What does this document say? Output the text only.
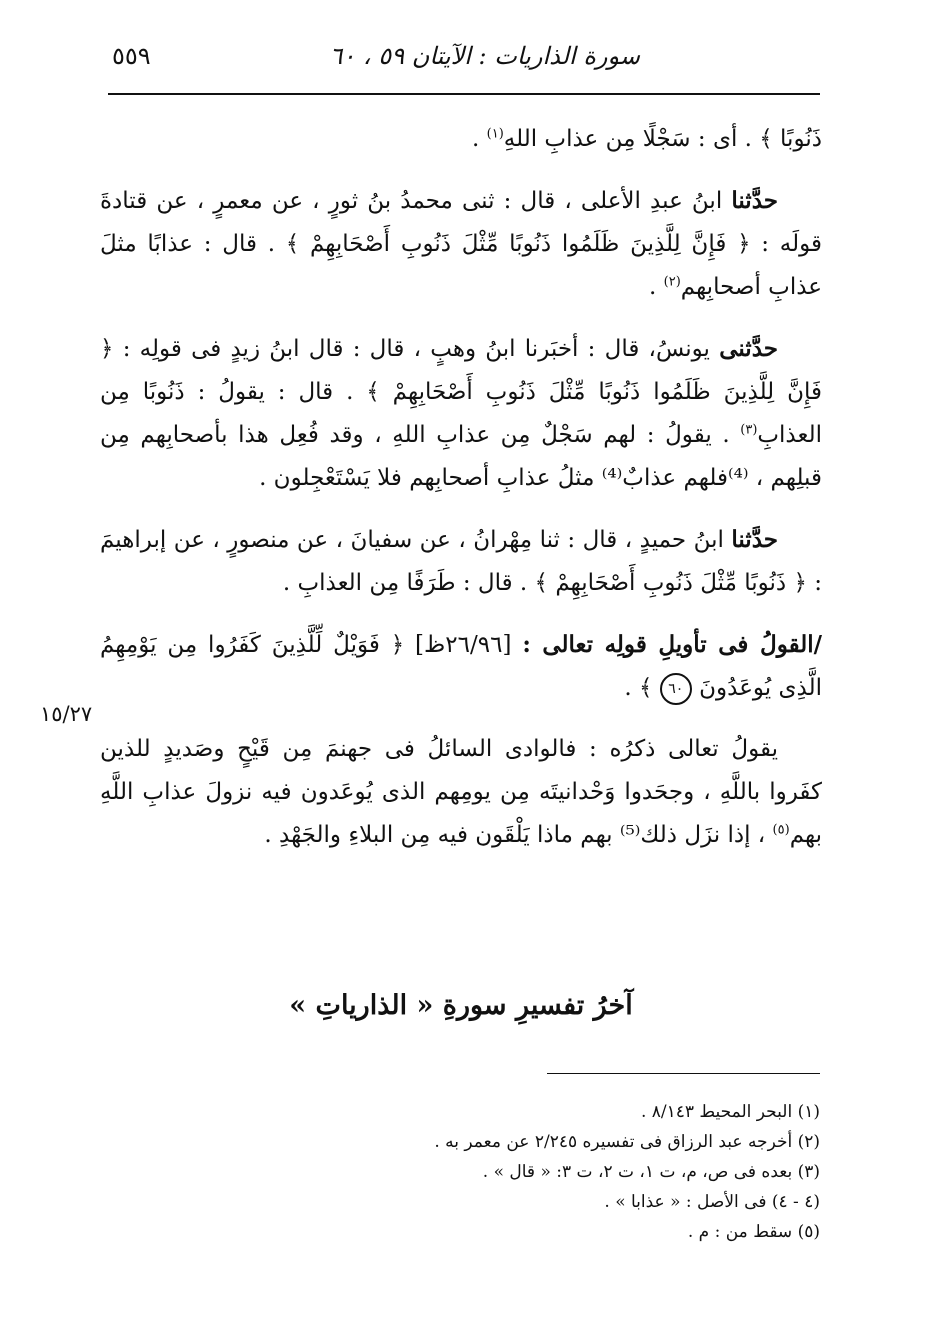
سورة الذاريات : الآيتان ٥٩ ، ٦٠
٥٥٩
ذَنُوبًا ﴾ . أى : سَجْلًا مِن عذابِ اللهِ$^{(١)}$ .
حدَّثنا ابنُ عبدِ الأعلى ، قال : ثنى محمدُ بنُ ثورٍ ، عن معمرٍ ، عن قتادةَ قولَه : ﴿ فَإِنَّ لِلَّذِينَ ظَلَمُوا ذَنُوبًا مِّثْلَ ذَنُوبِ أَصْحَابِهِمْ ﴾ . قال : عذابًا مثلَ عذابِ أصحابِهم$^{(٢)}$ .
حدَّثنى يونسُ، قال : أخبَرنا ابنُ وهبٍ ، قال : قال ابنُ زيدٍ فى قولِه : ﴿ فَإِنَّ لِلَّذِينَ ظَلَمُوا ذَنُوبًا مِّثْلَ ذَنُوبِ أَصْحَابِهِمْ ﴾ . قال : يقولُ : ذَنُوبًا مِن العذابِ$^{(٣)}$ . يقولُ : لهم سَجْلٌ مِن عذابِ اللهِ ، وقد فُعِل هذا بأصحابِهم مِن قبلِهم ، ⁽⁴⁾فلهم عذابٌ⁽⁴⁾ مثلُ عذابِ أصحابِهم فلا يَسْتَعْجِلون .
حدَّثنا ابنُ حميدٍ ، قال : ثنا مِهْرانُ ، عن سفيانَ ، عن منصورٍ ، عن إبراهيمَ : ﴿ ذَنُوبًا مِّثْلَ ذَنُوبِ أَصْحَابِهِمْ ﴾ . قال : طَرَفًا مِن العذابِ .
/القولُ فى تأويلِ قولِه تعالى : [٢٦/٩٦ظ] ﴿ فَوَيْلٌ لِّلَّذِينَ كَفَرُوا مِن يَوْمِهِمُ الَّذِى يُوعَدُونَ ٦٠ ﴾ .
يقولُ تعالى ذكرُه : فالوادى السائلُ فى جهنمَ مِن قَيْحٍ وصَديدٍ للذين كفَروا باللَّهِ ، وجحَدوا وَحْدانيتَه مِن يومِهم الذى يُوعَدون فيه نزولَ عذابِ اللَّهِ بهم$^{(٥)}$ ، إذا نزَل ذلك⁽⁵⁾ بهم ماذا يَلْقَون فيه مِن البلاءِ والجَهْدِ .
١٥/٢٧
آخرُ تفسيرِ سورةِ « الذارياتِ »

(١) البحر المحيط ٨/١٤٣ .

(٢) أخرجه عبد الرزاق فى تفسيره ٢/٢٤٥ عن معمر به .

(٣) بعده فى ص، م، ت ١، ت ٢، ت ٣: « قال » .

(٤ - ٤) فى الأصل : « عذابا » .

(٥) سقط من : م .
